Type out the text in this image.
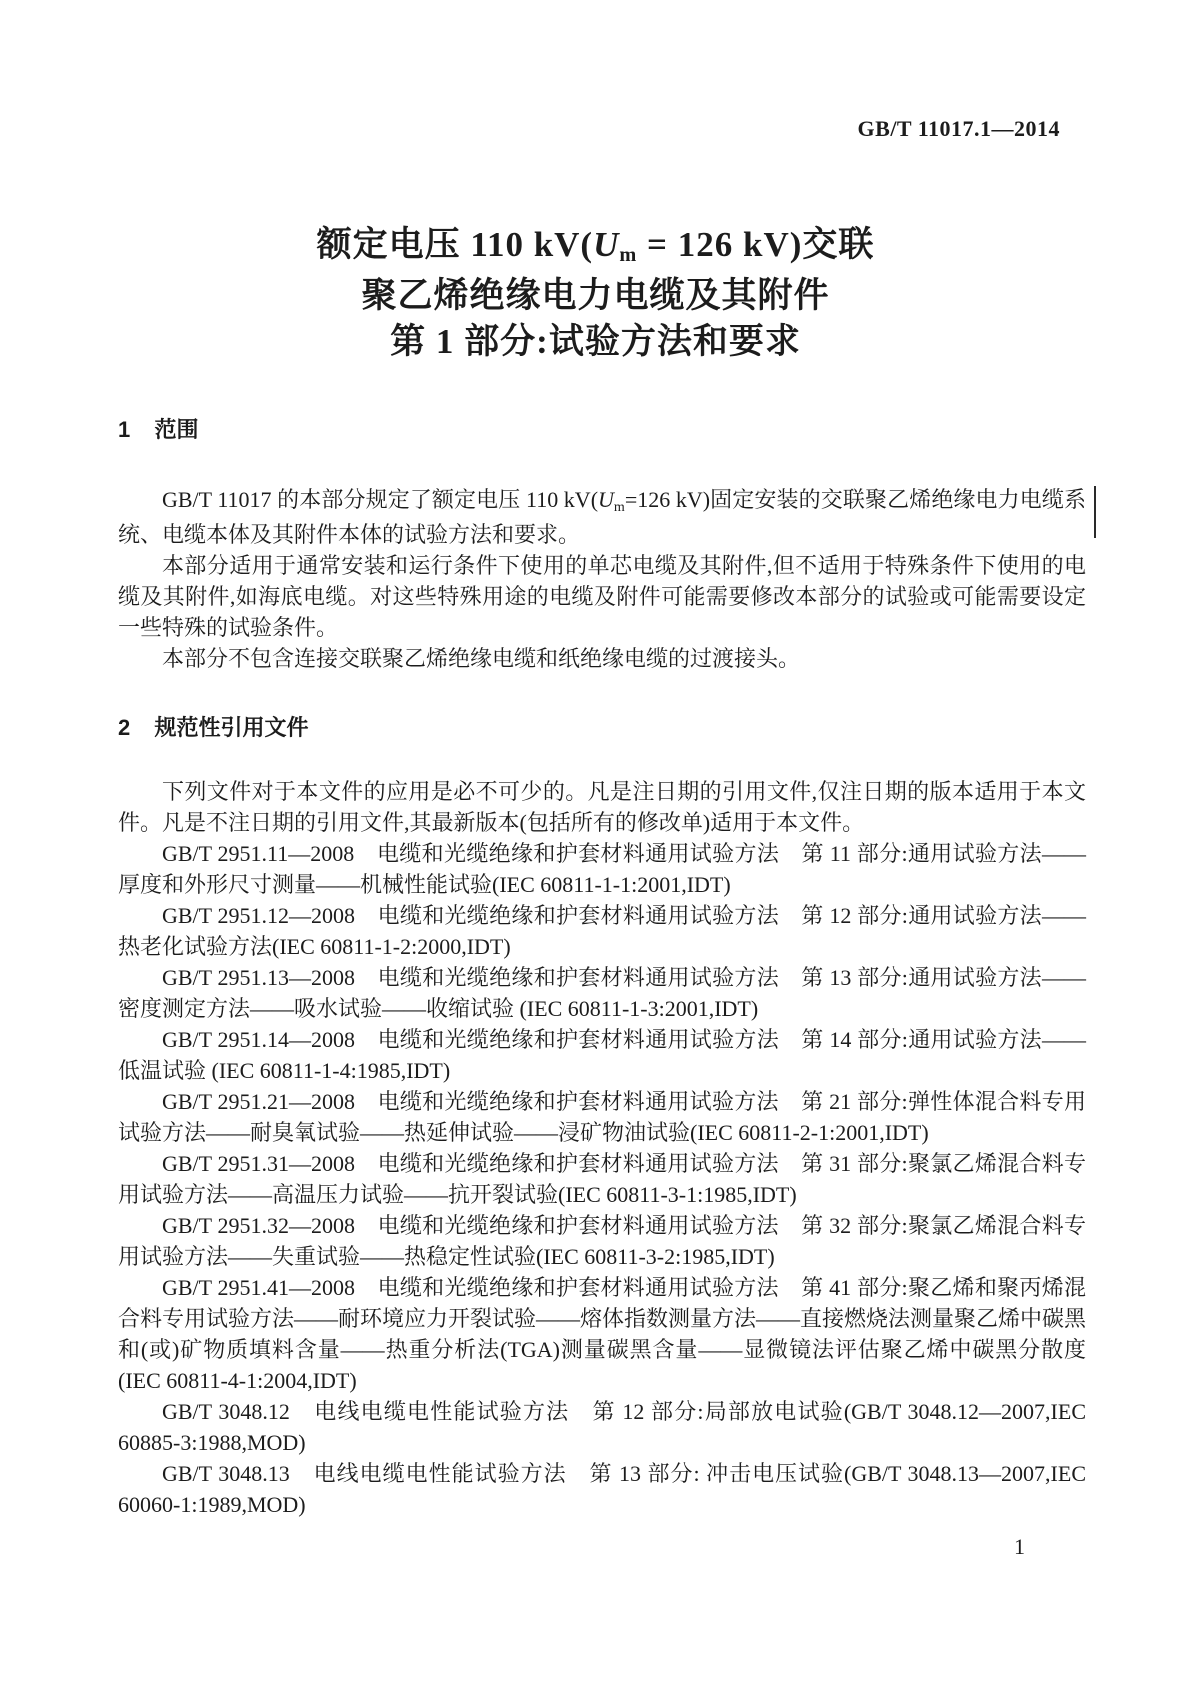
GB/T 11017.1—2014
额定电压 110 $kV(U_m = 126$ kV)交联
聚乙烯绝缘电力电缆及其附件
第 1 部分:试验方法和要求
1 范围

GB/T 11017 的本部分规定了额定电压 110 $kV(U_m=126$ kV)固定安装的交联聚乙烯绝缘电力电缆系统、电缆本体及其附件本体的试验方法和要求。

本部分适用于通常安装和运行条件下使用的单芯电缆及其附件,但不适用于特殊条件下使用的电缆及其附件,如海底电缆。对这些特殊用途的电缆及附件可能需要修改本部分的试验或可能需要设定一些特殊的试验条件。

本部分不包含连接交联聚乙烯绝缘电缆和纸绝缘电缆的过渡接头。

2 规范性引用文件

下列文件对于本文件的应用是必不可少的。凡是注日期的引用文件,仅注日期的版本适用于本文件。凡是不注日期的引用文件,其最新版本(包括所有的修改单)适用于本文件。

GB/T 2951.11—2008　电缆和光缆绝缘和护套材料通用试验方法　第 11 部分:通用试验方法——厚度和外形尺寸测量——机械性能试验(IEC 60811-1-1:2001,IDT)

GB/T 2951.12—2008　电缆和光缆绝缘和护套材料通用试验方法　第 12 部分:通用试验方法——热老化试验方法(IEC 60811-1-2:2000,IDT)

GB/T 2951.13—2008　电缆和光缆绝缘和护套材料通用试验方法　第 13 部分:通用试验方法——密度测定方法——吸水试验——收缩试验 (IEC 60811-1-3:2001,IDT)

GB/T 2951.14—2008　电缆和光缆绝缘和护套材料通用试验方法　第 14 部分:通用试验方法——低温试验 (IEC 60811-1-4:1985,IDT)

GB/T 2951.21—2008　电缆和光缆绝缘和护套材料通用试验方法　第 21 部分:弹性体混合料专用试验方法——耐臭氧试验——热延伸试验——浸矿物油试验(IEC 60811-2-1:2001,IDT)

GB/T 2951.31—2008　电缆和光缆绝缘和护套材料通用试验方法　第 31 部分:聚氯乙烯混合料专用试验方法——高温压力试验——抗开裂试验(IEC 60811-3-1:1985,IDT)

GB/T 2951.32—2008　电缆和光缆绝缘和护套材料通用试验方法　第 32 部分:聚氯乙烯混合料专用试验方法——失重试验——热稳定性试验(IEC 60811-3-2:1985,IDT)

GB/T 2951.41—2008　电缆和光缆绝缘和护套材料通用试验方法　第 41 部分:聚乙烯和聚丙烯混合料专用试验方法——耐环境应力开裂试验——熔体指数测量方法——直接燃烧法测量聚乙烯中碳黑和(或)矿物质填料含量——热重分析法(TGA)测量碳黑含量——显微镜法评估聚乙烯中碳黑分散度(IEC 60811-4-1:2004,IDT)

GB/T 3048.12　电线电缆电性能试验方法　第 12 部分:局部放电试验(GB/T 3048.12—2007,IEC 60885-3:1988,MOD)

GB/T 3048.13　电线电缆电性能试验方法　第 13 部分: 冲击电压试验(GB/T 3048.13—2007,IEC 60060-1:1989,MOD)

1
